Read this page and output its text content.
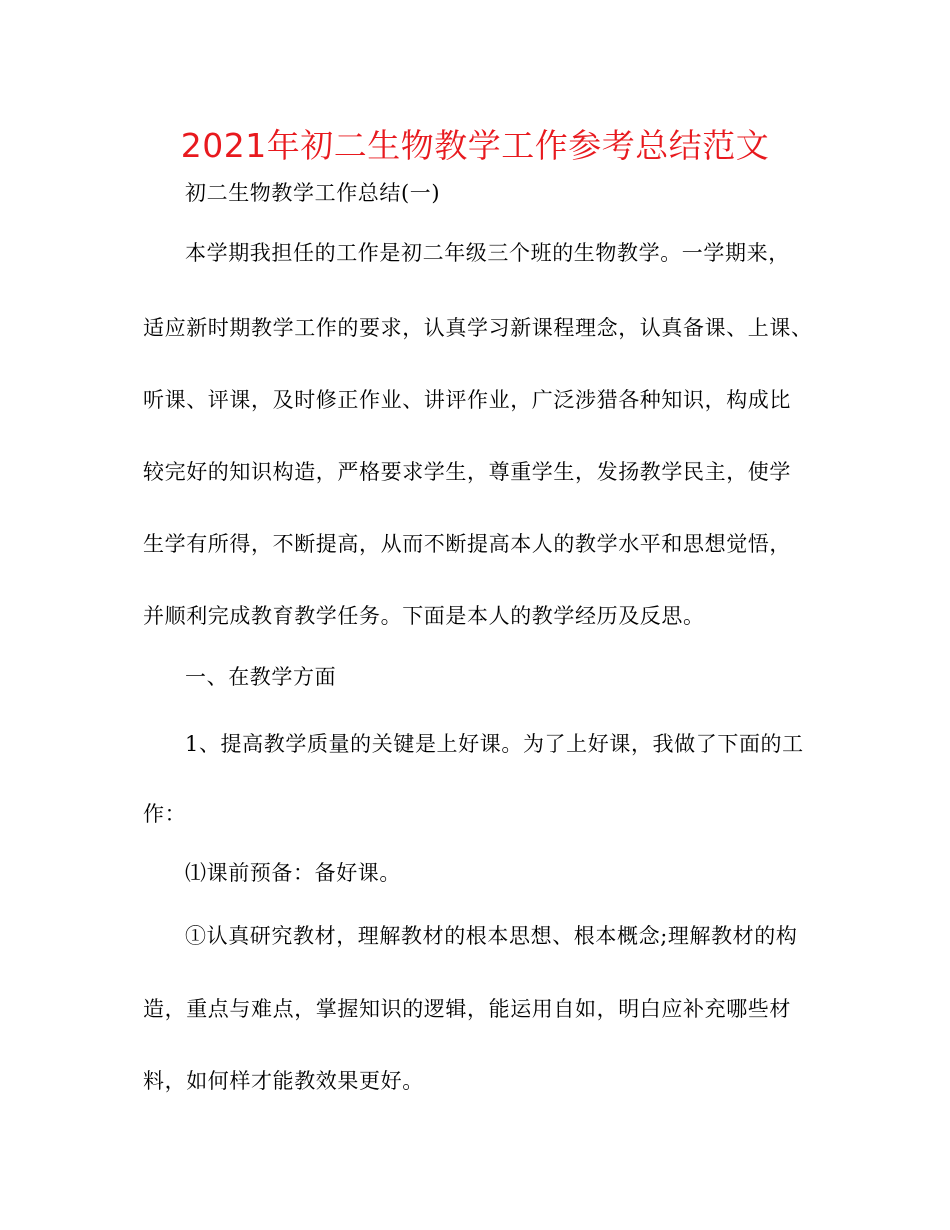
2021年初二生物教学工作参考总结范文
初二生物教学工作总结(一)
本学期我担任的工作是初二年级三个班的生物教学。一学期来，
适应新时期教学工作的要求，认真学习新课程理念，认真备课、上课、
听课、评课，及时修正作业、讲评作业，广泛涉猎各种知识，构成比
较完好的知识构造，严格要求学生，尊重学生，发扬教学民主，使学
生学有所得，不断提高，从而不断提高本人的教学水平和思想觉悟，
并顺利完成教育教学任务。下面是本人的教学经历及反思。
一、在教学方面
1、提高教学质量的关键是上好课。为了上好课，我做了下面的工
作：
⑴课前预备：备好课。
①认真研究教材，理解教材的根本思想、根本概念;理解教材的构
造，重点与难点，掌握知识的逻辑，能运用自如，明白应补充哪些材
料，如何样才能教效果更好。
